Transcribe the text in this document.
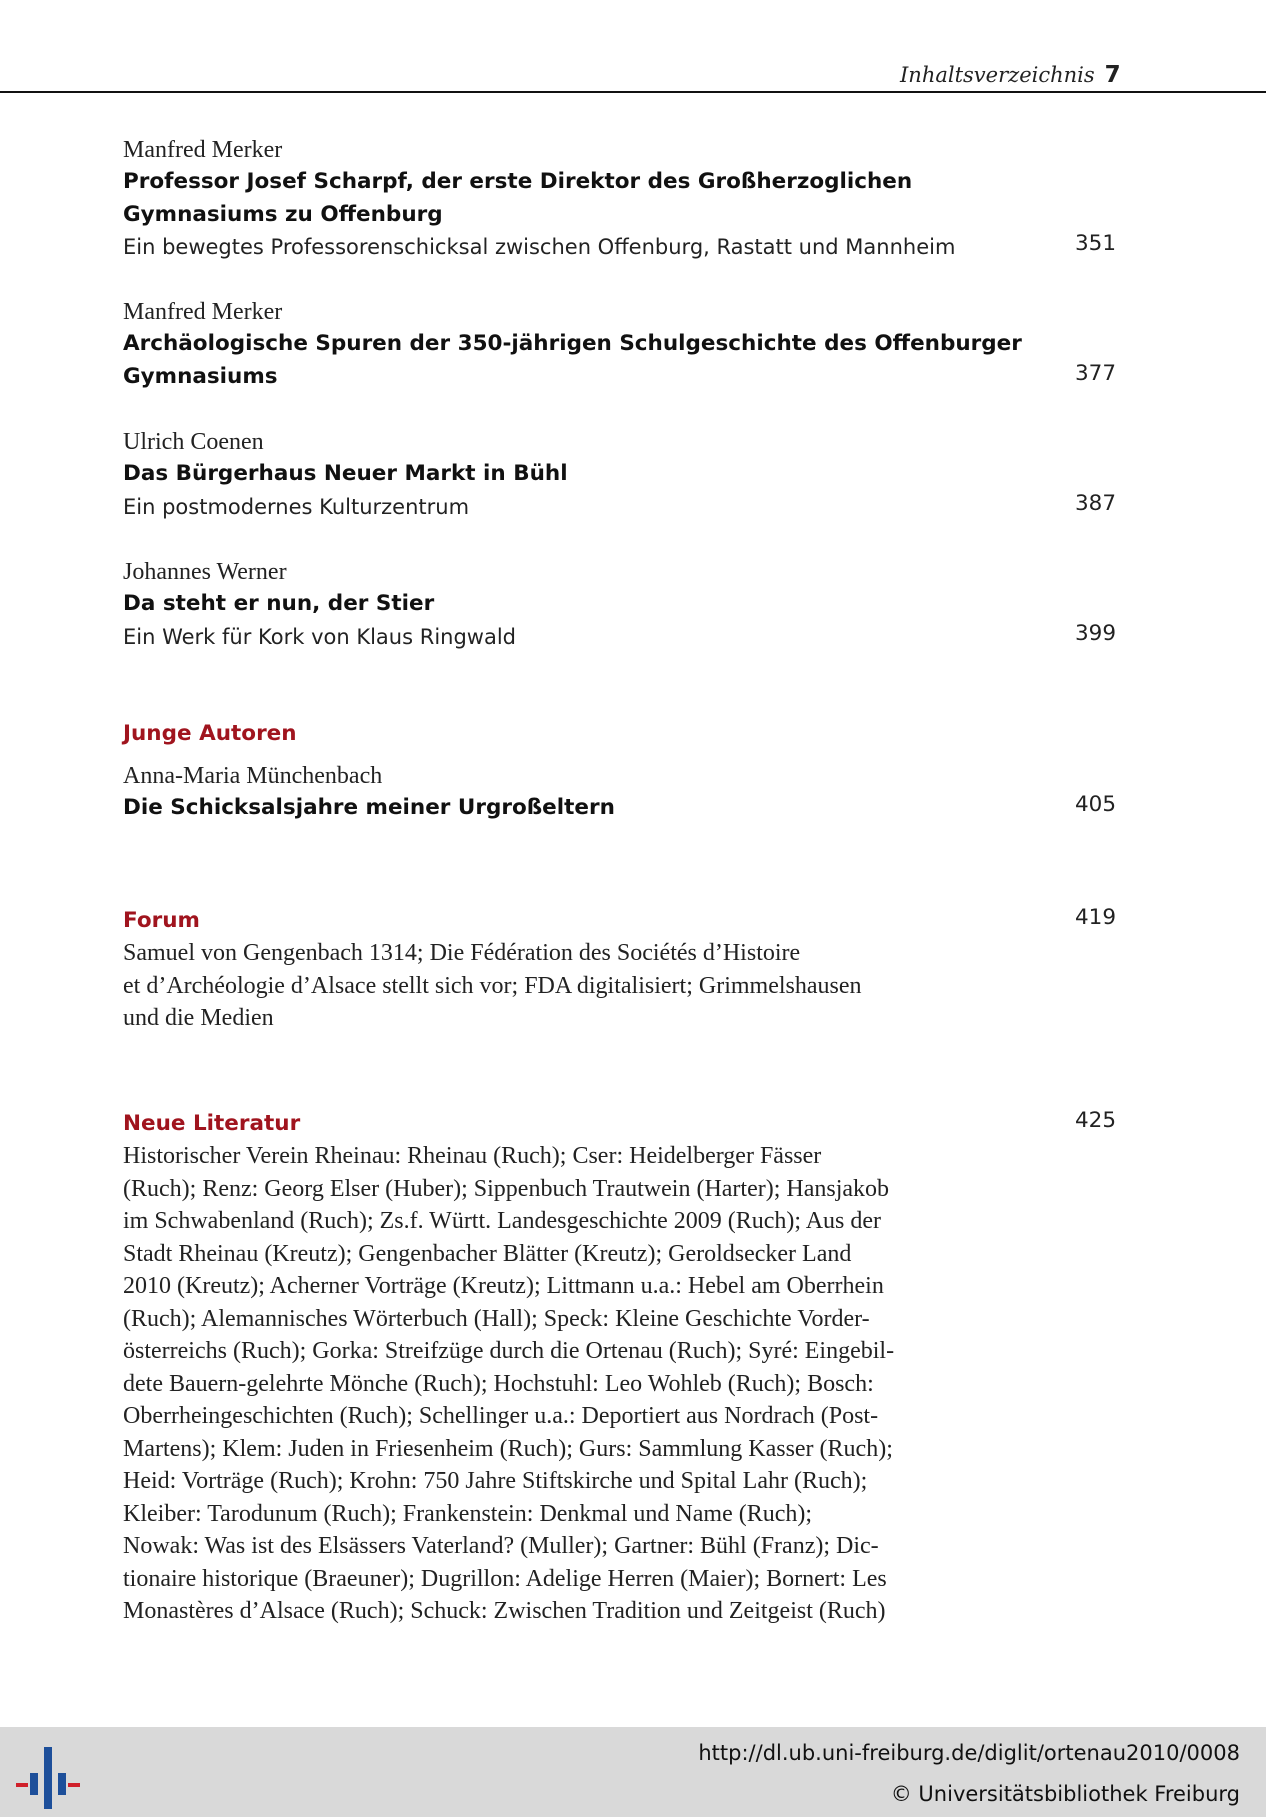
Inhaltsverzeichnis 7
Manfred Merker
Professor Josef Scharpf, der erste Direktor des Großherzoglichen Gymnasiums zu Offenburg
Ein bewegtes Professorenschicksal zwischen Offenburg, Rastatt und Mannheim	351
Manfred Merker
Archäologische Spuren der 350-jährigen Schulgeschichte des Offenburger Gymnasiums	377
Ulrich Coenen
Das Bürgerhaus Neuer Markt in Bühl
Ein postmodernes Kulturzentrum	387
Johannes Werner
Da steht er nun, der Stier
Ein Werk für Kork von Klaus Ringwald	399
Junge Autoren
Anna-Maria Münchenbach
Die Schicksalsjahre meiner Urgroßeltern	405
Forum	419
Samuel von Gengenbach 1314; Die Fédération des Sociétés d’Histoire
et d’Archéologie d’Alsace stellt sich vor; FDA digitalisiert; Grimmelshausen
und die Medien
Neue Literatur	425
Historischer Verein Rheinau: Rheinau (Ruch); Cser: Heidelberger Fässer
(Ruch); Renz: Georg Elser (Huber); Sippenbuch Trautwein (Harter); Hansjakob
im Schwabenland (Ruch); Zs.f. Württ. Landesgeschichte 2009 (Ruch); Aus der
Stadt Rheinau (Kreutz); Gengenbacher Blätter (Kreutz); Geroldsecker Land
2010 (Kreutz); Acherner Vorträge (Kreutz); Littmann u.a.: Hebel am Oberrhein
(Ruch); Alemannisches Wörterbuch (Hall); Speck: Kleine Geschichte Vorder-
österreichs (Ruch); Gorka: Streifzüge durch die Ortenau (Ruch); Syré: Eingebil-
dete Bauern-gelehrte Mönche (Ruch); Hochstuhl: Leo Wohleb (Ruch); Bosch:
Oberrheingeschichten (Ruch); Schellinger u.a.: Deportiert aus Nordrach (Post-
Martens); Klem: Juden in Friesenheim (Ruch); Gurs: Sammlung Kasser (Ruch);
Heid: Vorträge (Ruch); Krohn: 750 Jahre Stiftskirche und Spital Lahr (Ruch);
Kleiber: Tarodunum (Ruch); Frankenstein: Denkmal und Name (Ruch);
Nowak: Was ist des Elsässers Vaterland? (Muller); Gartner: Bühl (Franz); Dic-
tionaire historique (Braeuner); Dugrillon: Adelige Herren (Maier); Bornert: Les
Monastères d’Alsace (Ruch); Schuck: Zwischen Tradition und Zeitgeist (Ruch)
http://dl.ub.uni-freiburg.de/diglit/ortenau2010/0008
© Universitätsbibliothek Freiburg
